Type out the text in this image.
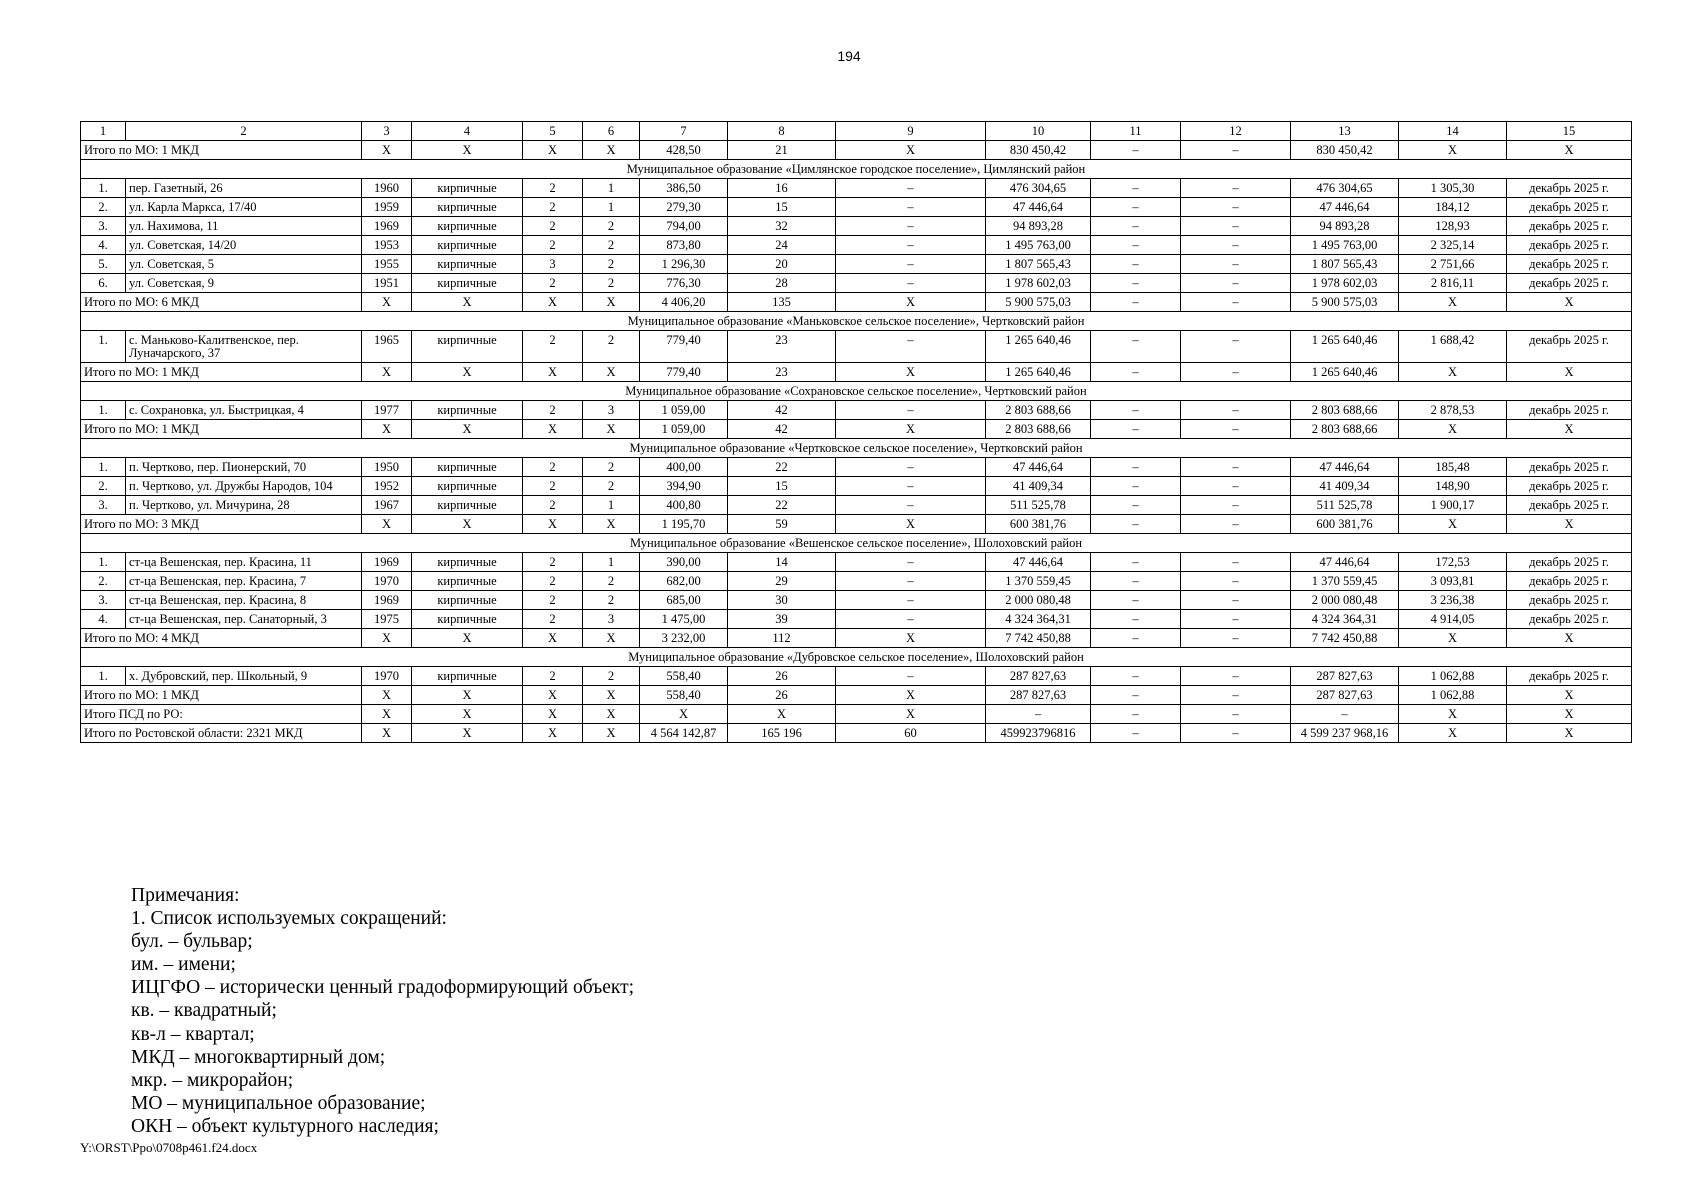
194
1	2	3	4	5	6	7	8	9	10	11	12	13	14	15
Итого по МО: 1 МКД		Х	Х	Х	Х	428,50	21	Х	830 450,42	–	–	830 450,42	Х	Х
Муниципальное образование «Цимлянское городское поселение», Цимлянский район														
1.	пер. Газетный, 26	1960	кирпичные	2	1	386,50	16	–	476 304,65	–	–	476 304,65	1 305,30	декабрь 2025 г.
2.	ул. Карла Маркса, 17/40	1959	кирпичные	2	1	279,30	15	–	47 446,64	–	–	47 446,64	184,12	декабрь 2025 г.
3.	ул. Нахимова, 11	1969	кирпичные	2	2	794,00	32	–	94 893,28	–	–	94 893,28	128,93	декабрь 2025 г.
4.	ул. Советская, 14/20	1953	кирпичные	2	2	873,80	24	–	1 495 763,00	–	–	1 495 763,00	2 325,14	декабрь 2025 г.
5.	ул. Советская, 5	1955	кирпичные	3	2	1 296,30	20	–	1 807 565,43	–	–	1 807 565,43	2 751,66	декабрь 2025 г.
6.	ул. Советская, 9	1951	кирпичные	2	2	776,30	28	–	1 978 602,03	–	–	1 978 602,03	2 816,11	декабрь 2025 г.
Итого по МО: 6 МКД		Х	Х	Х	Х	4 406,20	135	Х	5 900 575,03	–	–	5 900 575,03	Х	Х
Муниципальное образование «Маньковское сельское поселение», Чертковский район														
1.	с. Маньково-Калитвенское, пер. Луначарского, 37	1965	кирпичные	2	2	779,40	23	–	1 265 640,46	–	–	1 265 640,46	1 688,42	декабрь 2025 г.
Итого по МО: 1 МКД		Х	Х	Х	Х	779,40	23	Х	1 265 640,46	–	–	1 265 640,46	Х	Х
Муниципальное образование «Сохрановское сельское поселение», Чертковский район														
1.	с. Сохрановка, ул. Быстрицкая, 4	1977	кирпичные	2	3	1 059,00	42	–	2 803 688,66	–	–	2 803 688,66	2 878,53	декабрь 2025 г.
Итого по МО: 1 МКД		Х	Х	Х	Х	1 059,00	42	Х	2 803 688,66	–	–	2 803 688,66	Х	Х
Муниципальное образование «Чертковское сельское поселение», Чертковский район														
1.	п. Чертково, пер. Пионерский, 70	1950	кирпичные	2	2	400,00	22	–	47 446,64	–	–	47 446,64	185,48	декабрь 2025 г.
2.	п. Чертково, ул. Дружбы Народов, 104	1952	кирпичные	2	2	394,90	15	–	41 409,34	–	–	41 409,34	148,90	декабрь 2025 г.
3.	п. Чертково, ул. Мичурина, 28	1967	кирпичные	2	1	400,80	22	–	511 525,78	–	–	511 525,78	1 900,17	декабрь 2025 г.
Итого по МО: 3 МКД		Х	Х	Х	Х	1 195,70	59	Х	600 381,76	–	–	600 381,76	Х	Х
Муниципальное образование «Вешенское сельское поселение», Шолоховский район														
1.	ст-ца Вешенская, пер. Красина, 11	1969	кирпичные	2	1	390,00	14	–	47 446,64	–	–	47 446,64	172,53	декабрь 2025 г.
2.	ст-ца Вешенская, пер. Красина, 7	1970	кирпичные	2	2	682,00	29	–	1 370 559,45	–	–	1 370 559,45	3 093,81	декабрь 2025 г.
3.	ст-ца Вешенская, пер. Красина, 8	1969	кирпичные	2	2	685,00	30	–	2 000 080,48	–	–	2 000 080,48	3 236,38	декабрь 2025 г.
4.	ст-ца Вешенская, пер. Санаторный, 3	1975	кирпичные	2	3	1 475,00	39	–	4 324 364,31	–	–	4 324 364,31	4 914,05	декабрь 2025 г.
Итого по МО: 4 МКД		Х	Х	Х	Х	3 232,00	112	Х	7 742 450,88	–	–	7 742 450,88	Х	Х
Муниципальное образование «Дубровское сельское поселение», Шолоховский район														
1.	х. Дубровский, пер. Школьный, 9	1970	кирпичные	2	2	558,40	26	–	287 827,63	–	–	287 827,63	1 062,88	декабрь 2025 г.
Итого по МО: 1 МКД		Х	Х	Х	Х	558,40	26	Х	287 827,63	–	–	287 827,63	1 062,88	Х
Итого ПСД по РО:		Х	Х	Х	Х	Х	Х	Х	–	–	–	–	Х	Х
Итого по Ростовской области: 2321 МКД		Х	Х	Х	Х	4 564 142,87	165 196	60	459923796816	–	–	4 599 237 968,16	Х	Х
Примечания:
1. Список используемых сокращений:
бул. – бульвар;
им. – имени;
ИЦГФО – исторически ценный градоформирующий объект;
кв. – квадратный;
кв-л – квартал;
МКД – многоквартирный дом;
мкр. – микрорайон;
МО – муниципальное образование;
ОКН – объект культурного наследия;
Y:\ORST\Ppo\0708p461.f24.docx
